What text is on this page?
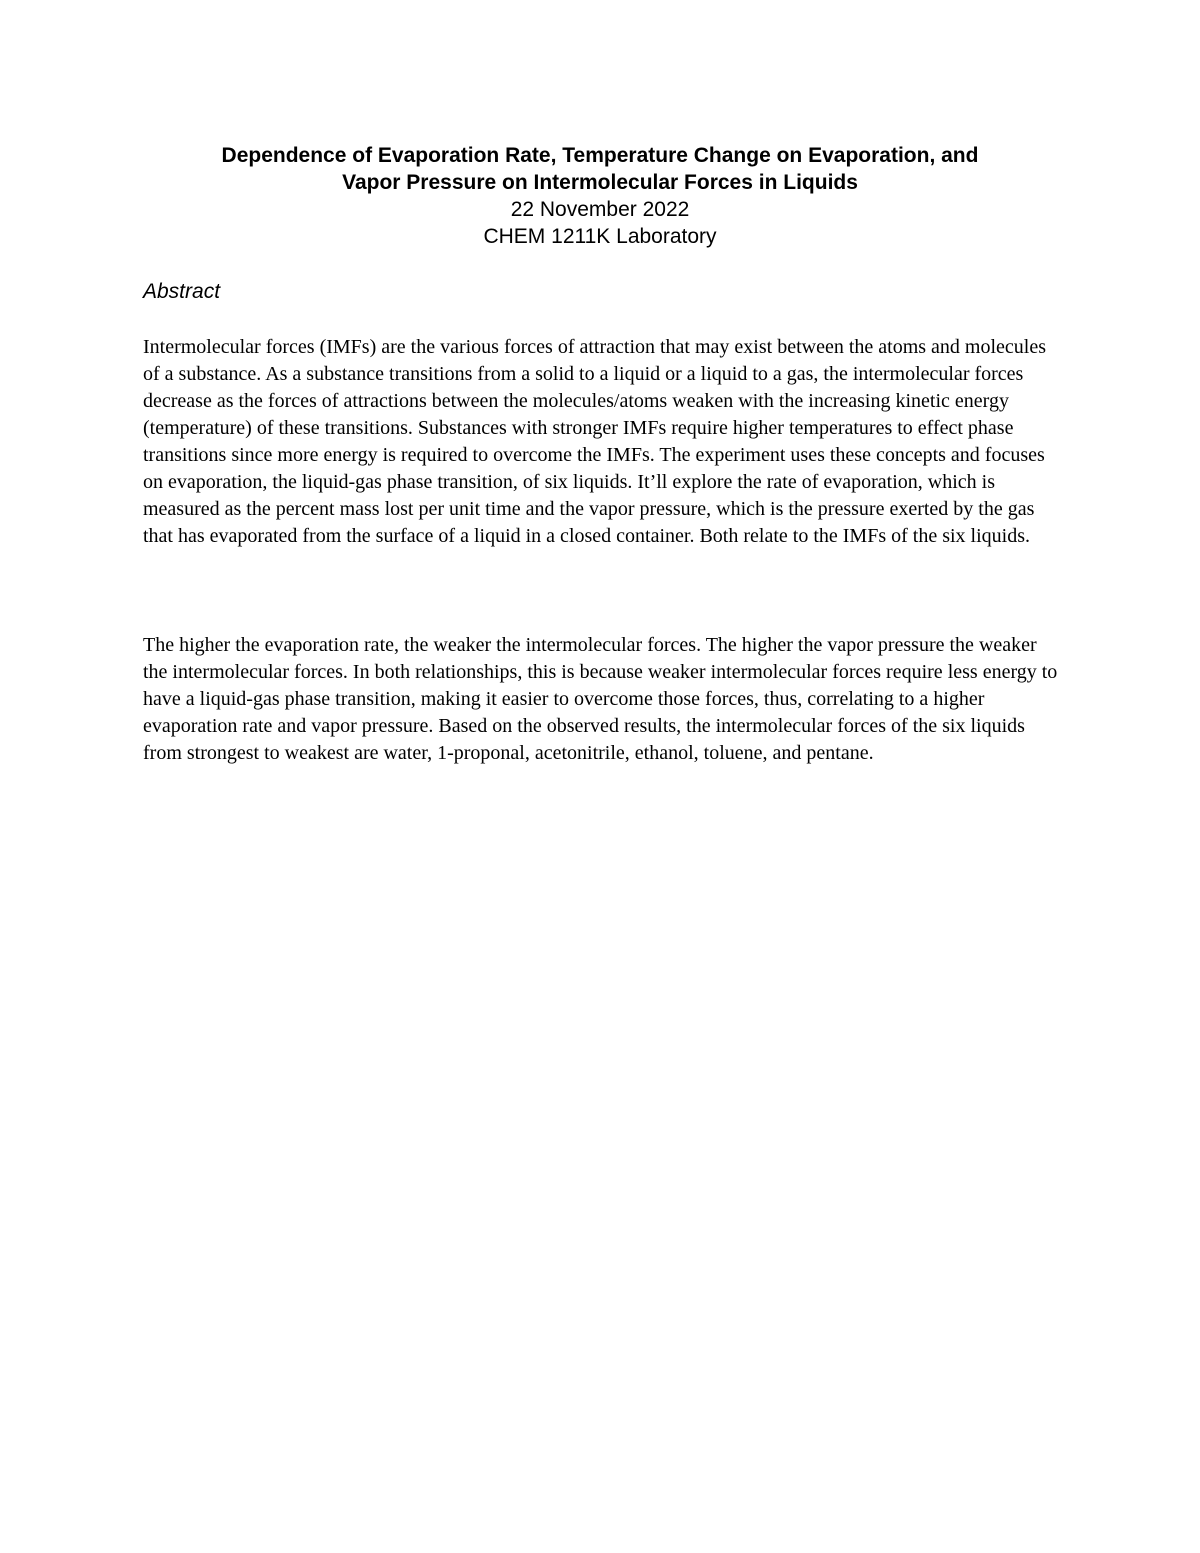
Dependence of Evaporation Rate, Temperature Change on Evaporation, and

Vapor Pressure on Intermolecular Forces in Liquids

22 November 2022

CHEM 1211K Laboratory

Abstract

Intermolecular forces (IMFs) are the various forces of attraction that may exist between the atoms and molecules of a substance. As a substance transitions from a solid to a liquid or a liquid to a gas, the intermolecular forces decrease as the forces of attractions between the molecules/atoms weaken with the increasing kinetic energy (temperature) of these transitions. Substances with stronger IMFs require higher temperatures to effect phase transitions since more energy is required to overcome the IMFs. The experiment uses these concepts and focuses on evaporation, the liquid-gas phase transition, of six liquids. It’ll explore the rate of evaporation, which is measured as the percent mass lost per unit time and the vapor pressure, which is the pressure exerted by the gas that has evaporated from the surface of a liquid in a closed container. Both relate to the IMFs of the six liquids.

The higher the evaporation rate, the weaker the intermolecular forces. The higher the vapor pressure the weaker the intermolecular forces. In both relationships, this is because weaker intermolecular forces require less energy to have a liquid-gas phase transition, making it easier to overcome those forces, thus, correlating to a higher evaporation rate and vapor pressure. Based on the observed results, the intermolecular forces of the six liquids from strongest to weakest are water, 1-proponal, acetonitrile, ethanol, toluene, and pentane.
